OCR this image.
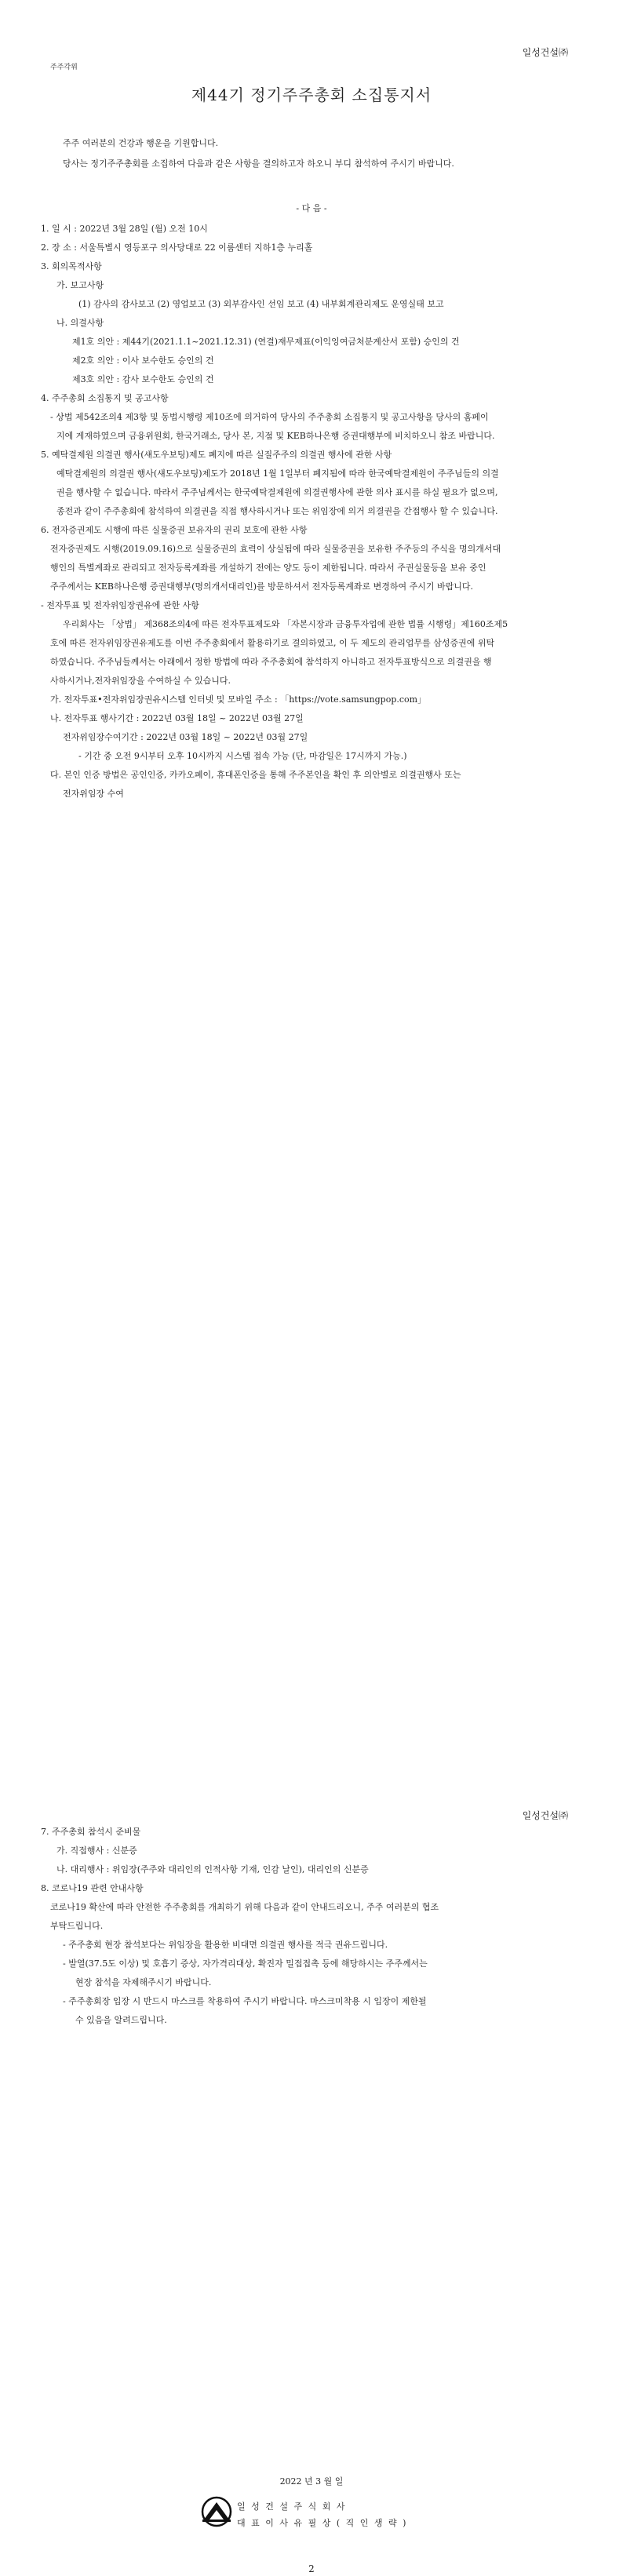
일성건설㈜
주주각위
제44기 정기주주총회 소집통지서
주주 여러분의 건강과 행운을 기원합니다.
당사는 정기주주총회를 소집하여 다음과 같은 사항을 결의하고자 하오니 부디 참석하여 주시기 바랍니다.
- 다 음 -
1. 일 시 : 2022년 3월 28일 (월) 오전 10시
2. 장 소 : 서울특별시 영등포구 의사당대로 22 이룸센터 지하1층 누리홀
3. 회의목적사항
가. 보고사항
(1) 감사의 감사보고 (2) 영업보고 (3) 외부감사인 선임 보고 (4) 내부회계관리제도 운영실태 보고
나. 의결사항
제1호 의안 : 제44기(2021.1.1~2021.12.31) (연결)재무제표(이익잉여금처분계산서 포함) 승인의 건
제2호 의안 : 이사 보수한도 승인의 건
제3호 의안 : 감사 보수한도 승인의 건
4. 주주총회 소집통지 및 공고사항
- 상법 제542조의4 제3항 및 동법시행령 제10조에 의거하여 당사의 주주총회 소집통지 및 공고사항을 당사의 홈페이
지에 게재하였으며 금융위원회, 한국거래소, 당사 본, 지점 및 KEB하나은행 증권대행부에 비치하오니 참조 바랍니다.
5. 예탁결제원 의결권 행사(섀도우보팅)제도 폐지에 따른 실질주주의 의결권 행사에 관한 사항
예탁결제원의 의결권 행사(섀도우보팅)제도가 2018년 1월 1일부터 폐지됨에 따라 한국예탁결제원이 주주님들의 의결
권을 행사할 수 없습니다. 따라서 주주님께서는 한국예탁결제원에 의결권행사에 관한 의사 표시를 하실 필요가 없으며,
종전과 같이 주주총회에 참석하여 의결권을 직접 행사하시거나 또는 위임장에 의거 의결권을 간접행사 할 수 있습니다.
6. 전자증권제도 시행에 따른 실물증권 보유자의 권리 보호에 관한 사항
전자증권제도 시행(2019.09.16)으로 실물증권의 효력이 상실됨에 따라 실물증권을 보유한 주주등의 주식을 명의개서대
행인의 특별계좌로 관리되고 전자등록계좌를 개설하기 전에는 양도 등이 제한됩니다. 따라서 주권실물등을 보유 중인
주주께서는 KEB하나은행 증권대행부(명의개서대리인)를 방문하셔서 전자등록계좌로 변경하여 주시기 바랍니다.
- 전자투표 및 전자위임장권유에 관한 사항
우리회사는 「상법」 제368조의4에 따른 전자투표제도와 「자본시장과 금융투자업에 관한 법률 시행령」제160조제5
호에 따른 전자위임장권유제도를 이번 주주총회에서 활용하기로 결의하였고, 이 두 제도의 관리업무를 삼성증권에 위탁
하였습니다. 주주님들께서는 아래에서 정한 방법에 따라 주주총회에 참석하지 아니하고 전자투표방식으로 의결권을 행
사하시거나,전자위임장을 수여하실 수 있습니다.
가. 전자투표•전자위임장권유시스템 인터넷 및 모바일 주소 : 「https://vote.samsungpop.com」
나. 전자투표 행사기간 : 2022년 03월 18일 ~ 2022년 03월 27일
전자위임장수여기간 : 2022년 03월 18일 ~ 2022년 03월 27일
- 기간 중 오전 9시부터 오후 10시까지 시스템 접속 가능 (단, 마감일은 17시까지 가능.)
다. 본인 인증 방법은 공인인증, 카카오페이, 휴대폰인증을 통해 주주본인을 확인 후 의안별로 의결권행사 또는
전자위임장 수여
일성건설㈜
7. 주주총회 참석시 준비물
가. 직접행사 : 신분증
나. 대리행사 : 위임장(주주와 대리인의 인적사항 기재, 인감 날인), 대리인의 신분증
8. 코로나19 관련 안내사항
코로나19 확산에 따라 안전한 주주총회를 개최하기 위해 다음과 같이 안내드리오니, 주주 여러분의 협조
부탁드립니다.
- 주주총회 현장 참석보다는 위임장을 활용한 비대면 의결권 행사를 적극 권유드립니다.
- 발열(37.5도 이상) 및 호흡기 증상, 자가격리대상, 확진자 밀접접촉 등에 해당하시는 주주께서는
현장 참석을 자제해주시기 바랍니다.
- 주주총회장 입장 시 반드시 마스크를 착용하여 주시기 바랍니다. 마스크미착용 시 입장이 제한될
수 있음을 알려드립니다.
2022 년 3 월 일
일 성 건 설 주 식 회 사
대 표 이 사 유 필 상 ( 직 인 생 략 )
2
